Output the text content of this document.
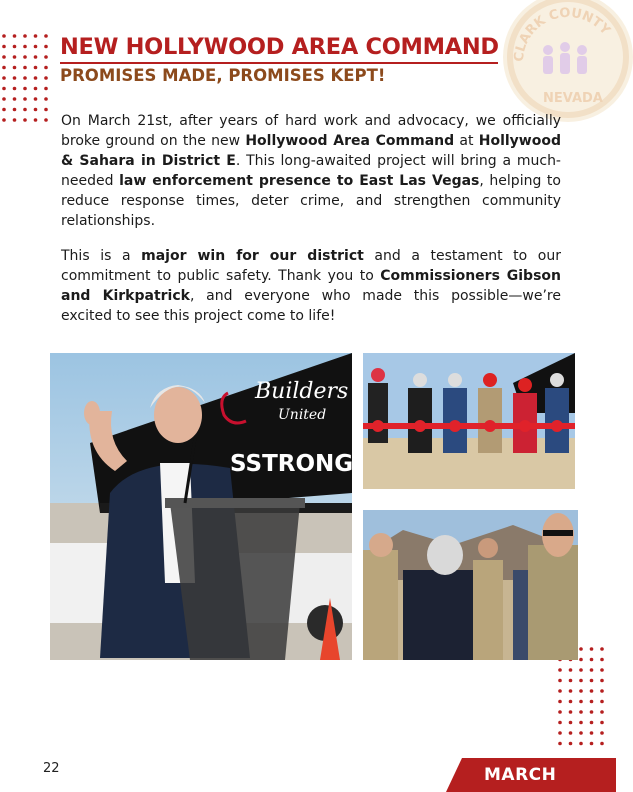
CLARK COUNTY
NEVADA
NEW HOLLYWOOD AREA COMMAND
PROMISES MADE, PROMISES KEPT!

On March 21st, after years of hard work and advocacy, we officially broke ground on the new Hollywood Area Command at Hollywood & Sahara in District E. This long-awaited project will bring a much-needed law enforcement presence to East Las Vegas, helping to reduce response times, deter crime, and strengthen community relationships.

This is a major win for our district and a testament to our commitment to public safety. Thank you to Commissioners Gibson and Kirkpatrick, and everyone who made this possible—we’re excited to see this project come to life!

Builders
United
SSTRONG
22	MARCH
